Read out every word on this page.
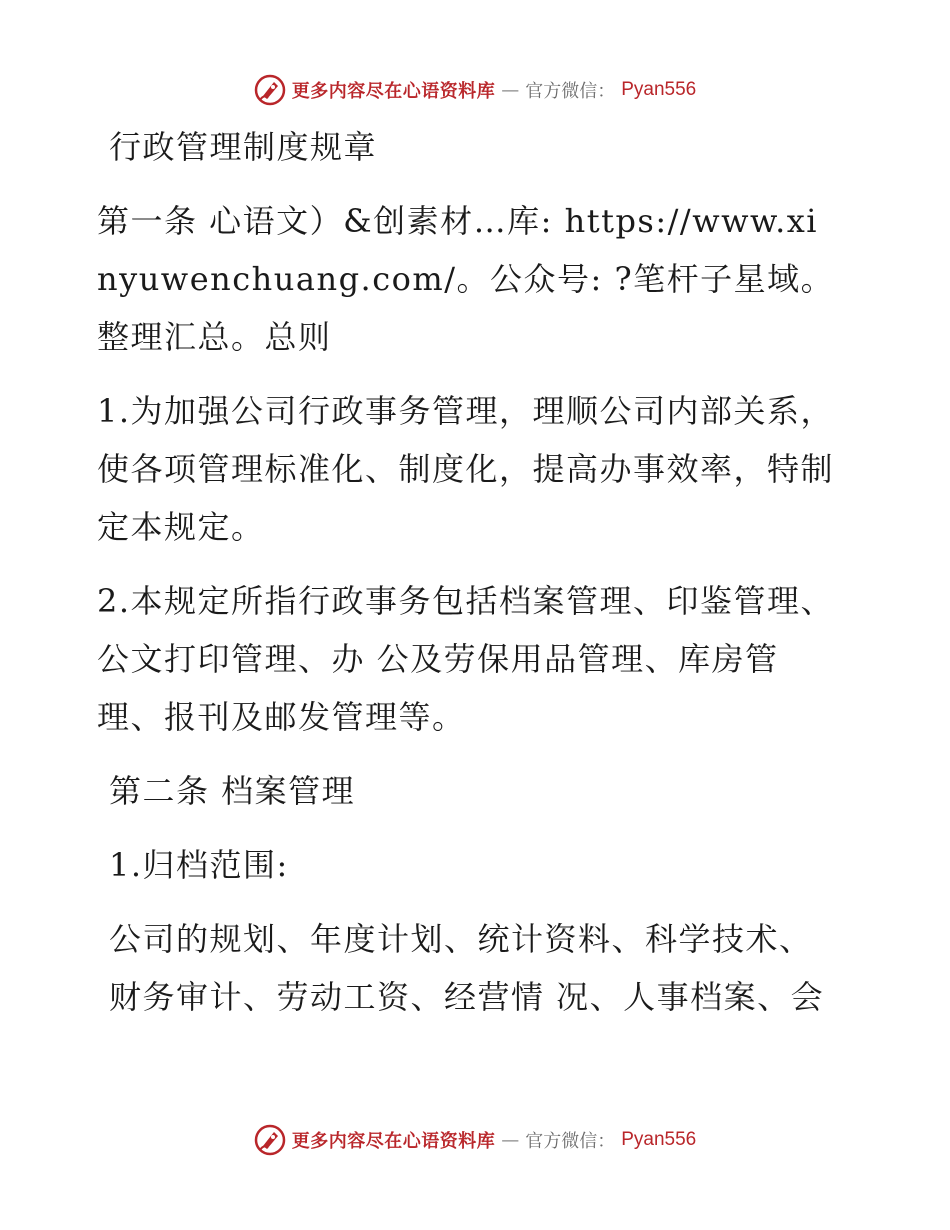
更多内容尽在心语资料库 — 官方微信： Pyan556

行政管理制度规章

第一条 心语文）&创素材…库: https://www.xinyuwenchuang.com/。公众号: ?笔杆子星域。整理汇总。总则

1.为加强公司行政事务管理，理顺公司内部关系，使各项管理标准化、制度化，提高办事效率，特制定本规定。

2.本规定所指行政事务包括档案管理、印鉴管理、公文打印管理、办 公及劳保用品管理、库房管理、报刊及邮发管理等。

第二条 档案管理

1.归档范围:

公司的规划、年度计划、统计资料、科学技术、财务审计、劳动工资、经营情 况、人事档案、会

更多内容尽在心语资料库 — 官方微信： Pyan556
